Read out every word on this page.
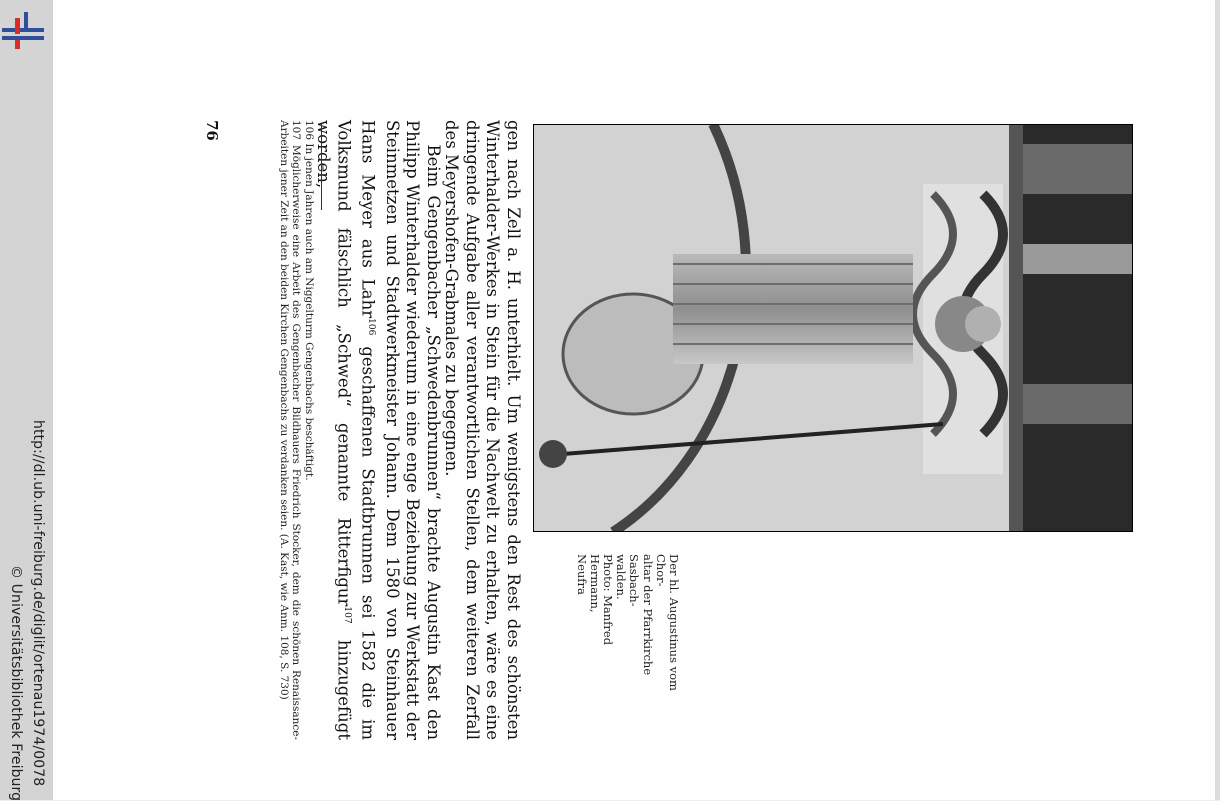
http://dl.ub.uni-freiburg.de/diglit/ortenau1974/0078
© Universitätsbibliothek Freiburg	gen nach Zell a. H. unterhielt. Um wenigstens den Rest des schönsten Winterhalder-Werkes in Stein für die Nachwelt zu erhalten, wäre es eine dringende Aufgabe aller verantwortlichen Stellen, dem weiteren Zerfall des Meyershofen-Grabmales zu begegnen.

Beim Gengenbacher „Schwedenbrunnen“ brachte Augustin Kast den Philipp Winterhalder wiederum in eine enge Beziehung zur Werkstatt der Steinmetzen und Stadtwerkmeister Johann. Dem 1580 von Steinhauer Hans Meyer aus Lahr$^{106}$ geschaffenen Stadtbrunnen sei 1582 die im Volksmund fälschlich „Schwed“ genannte Ritterfigur$^{107}$ hinzugefügt worden,

106 In jenen Jahren auch am Niggelturm Gengenbachs beschäftigt.

107 Möglicherweise eine Arbeit des Gengenbacher Bildhauers Friedrich Stocker, dem die schönen Renaissance-Arbeiten jener Zeit an den beiden Kirchen Gengenbachs zu verdanken seien. (A. Kast, wie Anm. 108, S. 730)

76

Der hl. Augustinus vom Chor-
altar der Pfarrkirche Sasbach-
walden.
Photo: Manfred Hermann,
Neufra
